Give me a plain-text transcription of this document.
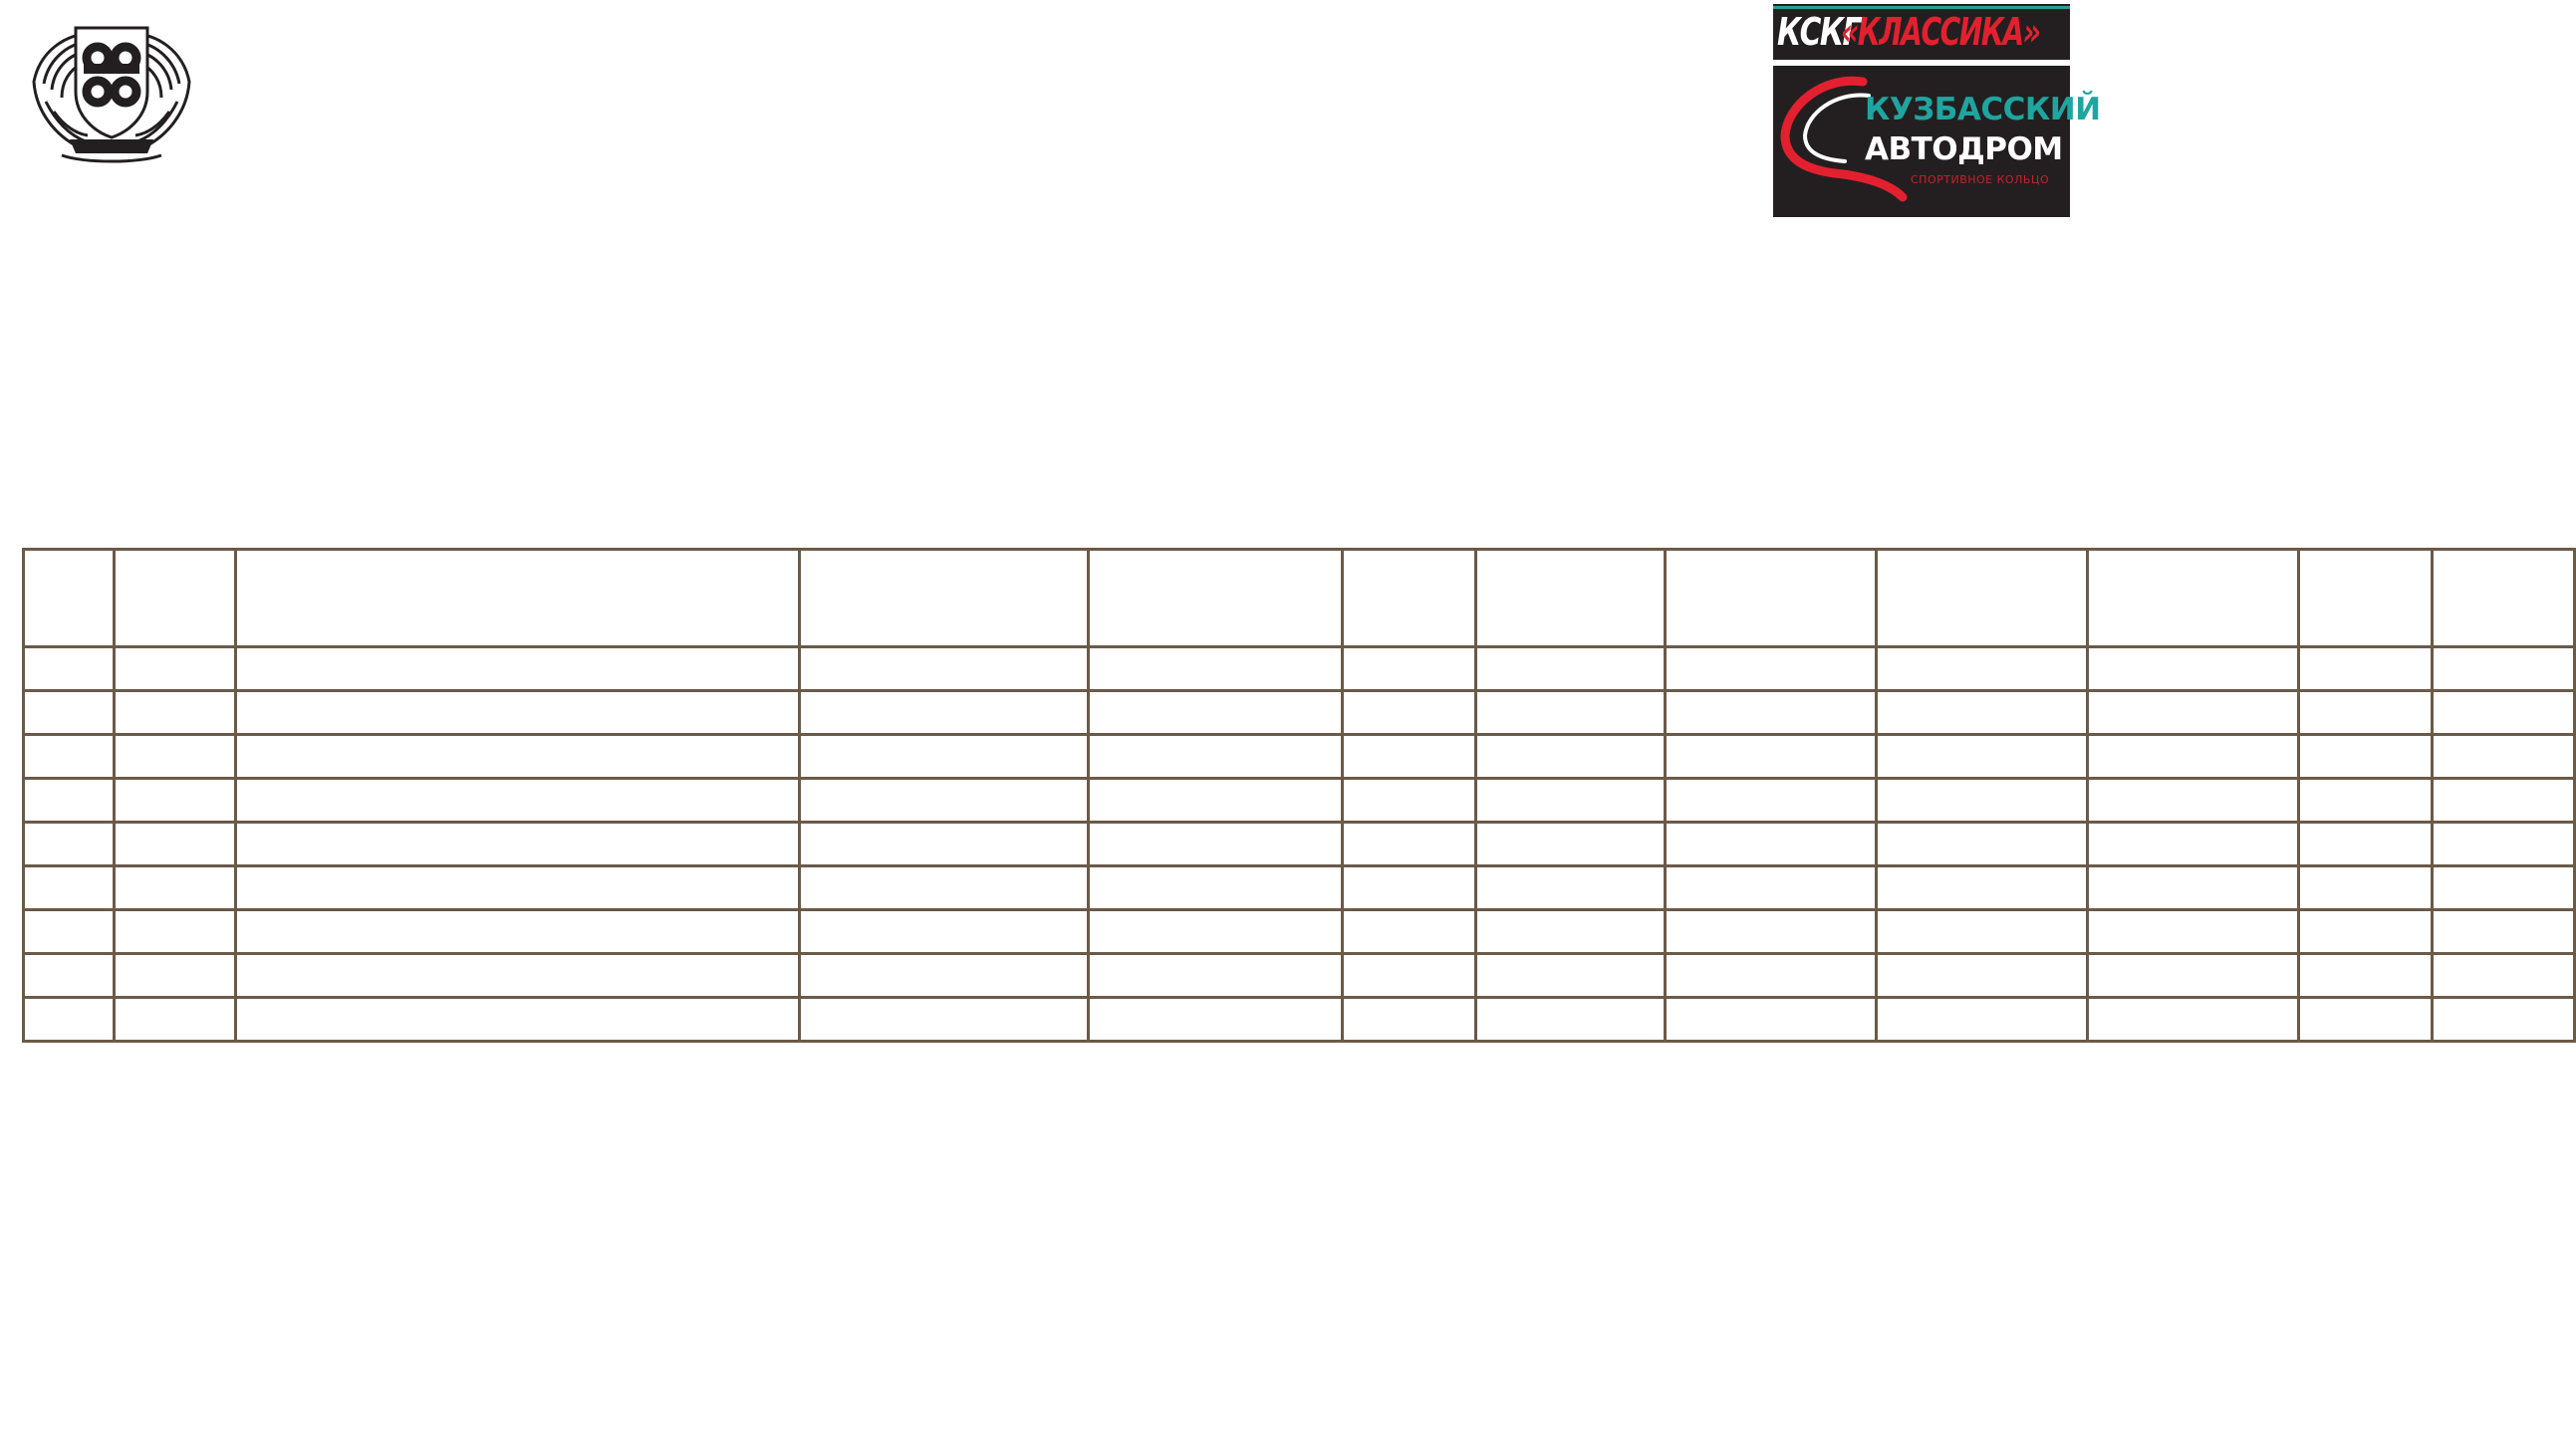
КСКГ
«КЛАССИКА»
КУЗБАССКИЙ
АВТОДРОМ
СПОРТИВНОЕ КОЛЬЦО
